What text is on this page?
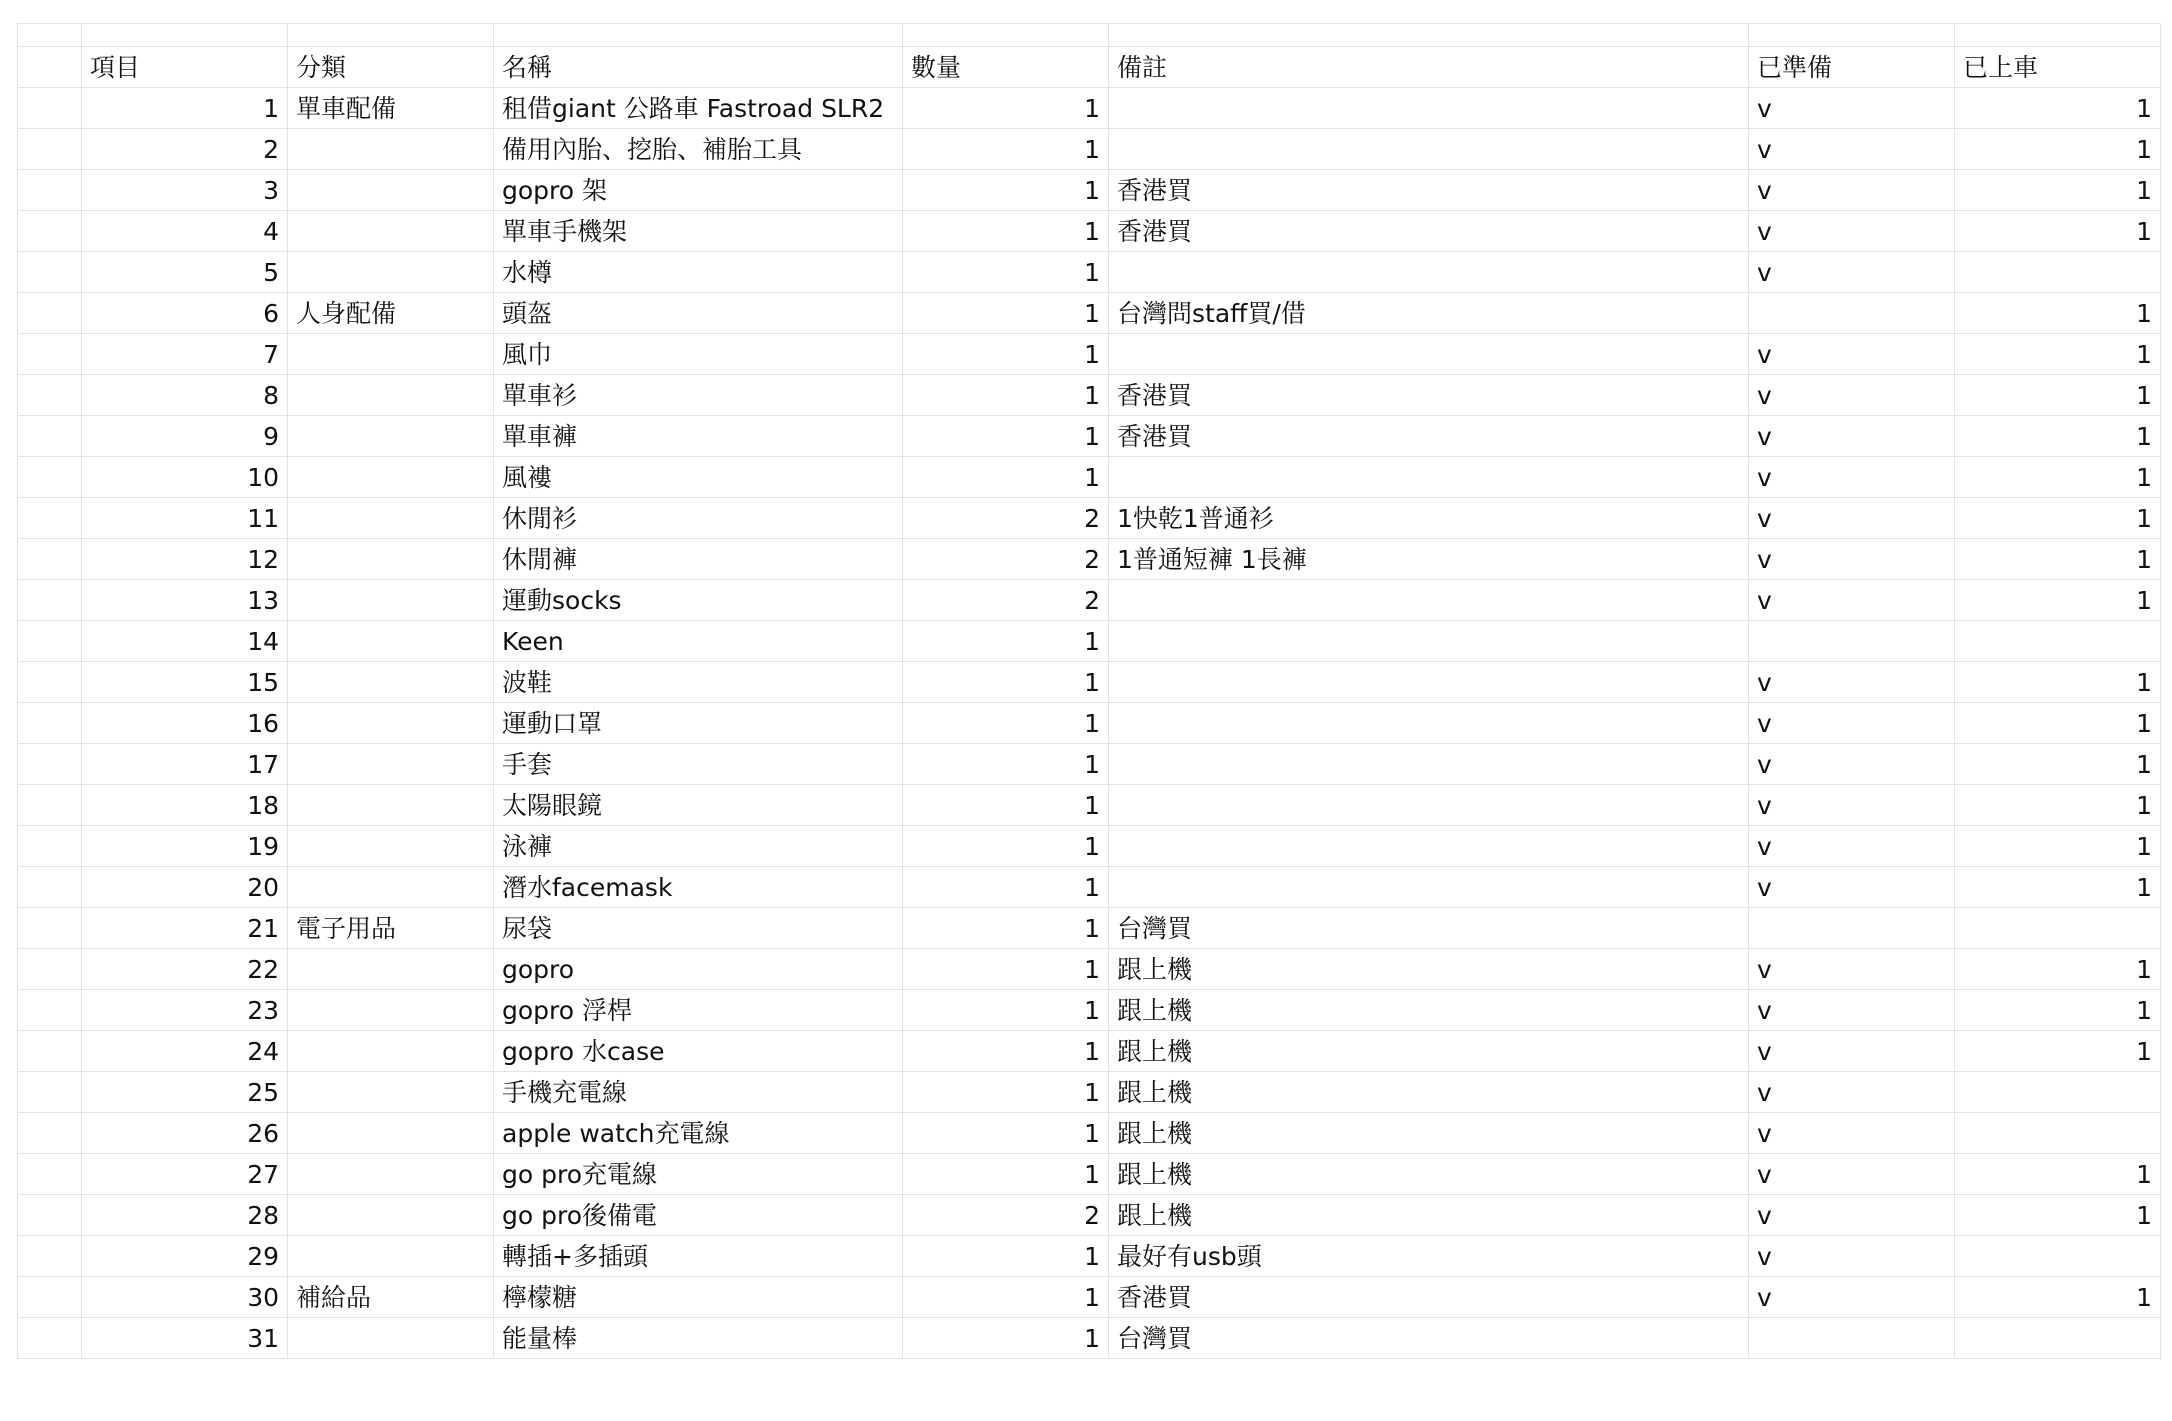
	項目	分類	名稱	數量	備註	已準備	已上車
	1	單車配備	租借giant 公路車 Fastroad SLR2	1		v	1
	2		備用內胎、挖胎、補胎工具	1		v	1
	3		gopro 架	1	香港買	v	1
	4		單車手機架	1	香港買	v	1
	5		水樽	1		v	
	6	人身配備	頭盔	1	台灣問staff買/借		1
	7		風巾	1		v	1
	8		單車衫	1	香港買	v	1
	9		單車褲	1	香港買	v	1
	10		風褸	1		v	1
	11		休閒衫	2	1快乾1普通衫	v	1
	12		休閒褲	2	1普通短褲 1長褲	v	1
	13		運動socks	2		v	1
	14		Keen	1			
	15		波鞋	1		v	1
	16		運動口罩	1		v	1
	17		手套	1		v	1
	18		太陽眼鏡	1		v	1
	19		泳褲	1		v	1
	20		潛水facemask	1		v	1
	21	電子用品	尿袋	1	台灣買		
	22		gopro	1	跟上機	v	1
	23		gopro 浮桿	1	跟上機	v	1
	24		gopro 水case	1	跟上機	v	1
	25		手機充電線	1	跟上機	v	
	26		apple watch充電線	1	跟上機	v	
	27		go pro充電線	1	跟上機	v	1
	28		go pro後備電	2	跟上機	v	1
	29		轉插+多插頭	1	最好有usb頭	v	
	30	補給品	檸檬糖	1	香港買	v	1
	31		能量棒	1	台灣買		
